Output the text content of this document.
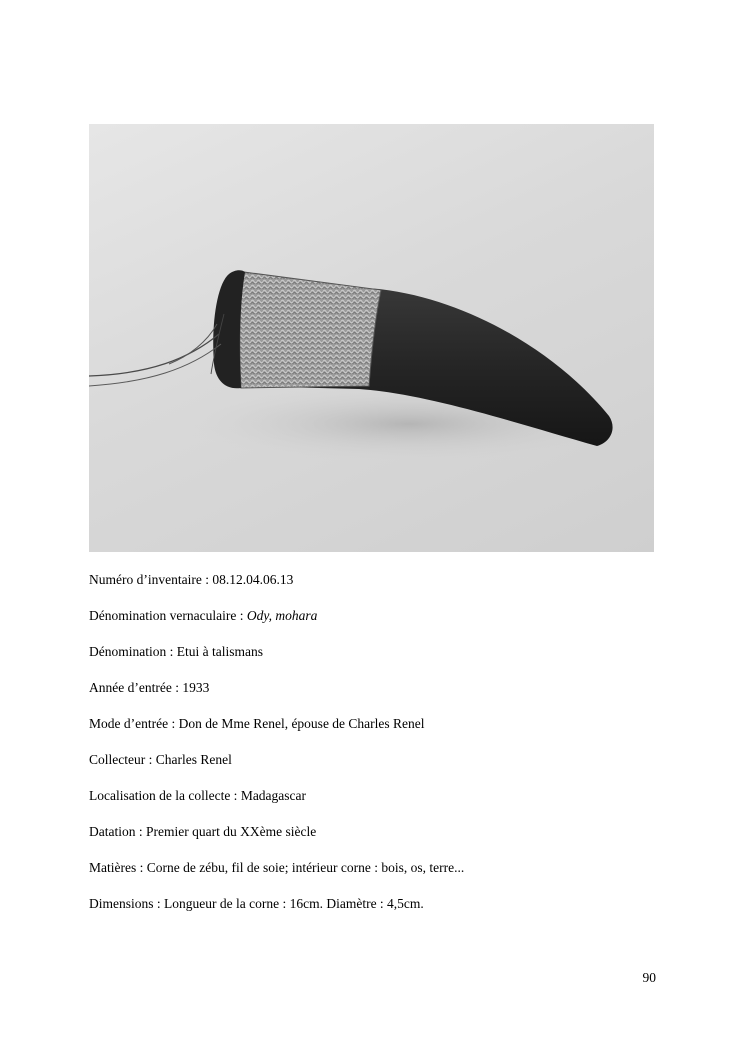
Numéro d’inventaire : 08.12.04.06.13
Dénomination vernaculaire : Ody, mohara
Dénomination : Etui à talismans
Année d’entrée : 1933
Mode d’entrée : Don de Mme Renel, épouse de Charles Renel
Collecteur : Charles Renel
Localisation de la collecte : Madagascar
Datation : Premier quart du XXème siècle
Matières : Corne de zébu, fil de soie; intérieur corne : bois, os, terre...
Dimensions : Longueur de la corne : 16cm. Diamètre : 4,5cm.
90
